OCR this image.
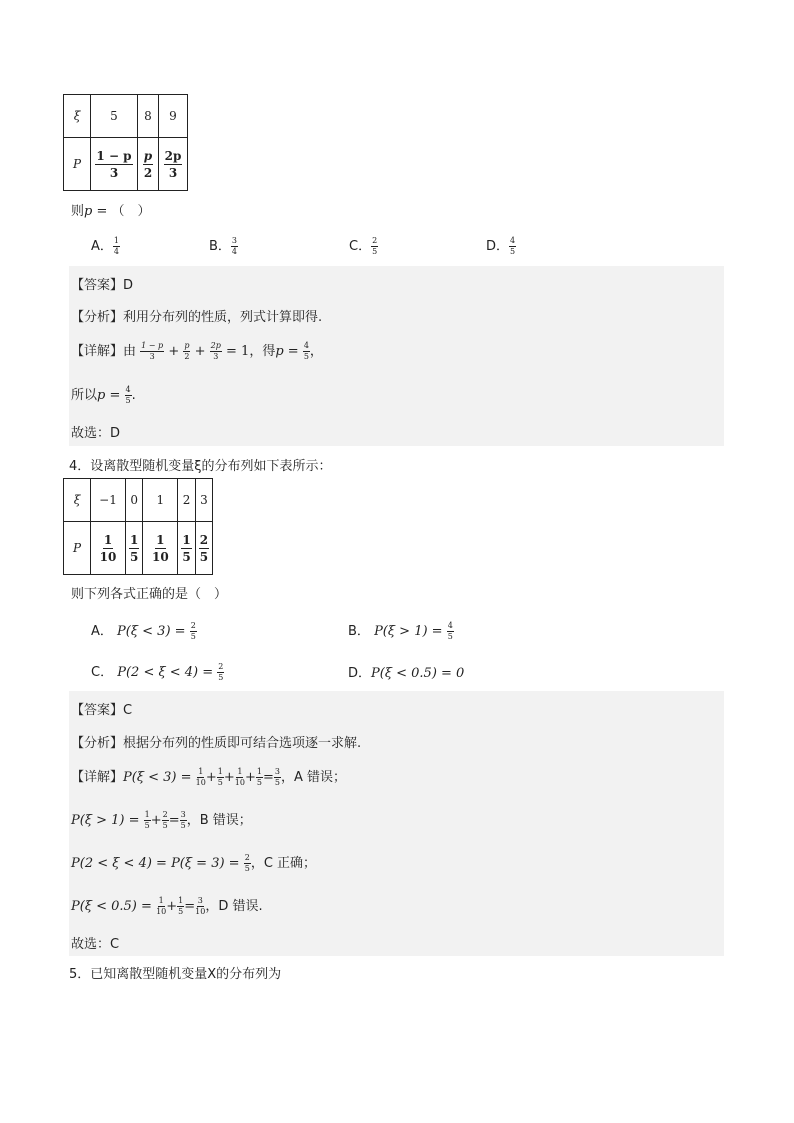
ξ	5	8	9
P	$\frac{1 - p}{3}$	$\frac{p}{2}$	$\frac{2p}{3}$
则p = （　）
A． $\frac{1}{4}$	B． $\frac{3}{4}$	C． $\frac{2}{5}$	D． $\frac{4}{5}$
【答案】D
【分析】利用分布列的性质，列式计算即得.
【详解】由 $\frac{1 - p}{3} + \frac{p}{2} + \frac{2p}{3} = 1$，得$p = \frac{4}{5}$ ，
所以$p = \frac{4}{5}$ .
故选：D
4．设离散型随机变量ξ的分布列如下表所示：
ξ	−1	0	1	2	3
P	$\frac{1}{10}$	$\frac{1}{5}$	$\frac{1}{10}$	$\frac{1}{5}$	$\frac{2}{5}$
则下列各式正确的是（　）
A． $P(\xi < 3) = \frac{2}{5}$	B． $P(\xi > 1) = \frac{4}{5}$
C． $P(2 < \xi < 4) = \frac{2}{5}$	D．P(ξ < 0.5) = 0
【答案】C
【分析】根据分布列的性质即可结合选项逐一求解.
【详解】$P(\xi < 3) = \frac{1}{10} + \frac{1}{5} + \frac{1}{10} + \frac{1}{5} = \frac{3}{5}$ ，A 错误；
$P(\xi > 1) = \frac{1}{5} + \frac{2}{5} = \frac{3}{5}$ ，B 错误；
$P(2 < \xi < 4) = P(\xi = 3) = \frac{2}{5}$ ，C 正确；
$P(\xi < 0.5) = \frac{1}{10} + \frac{1}{5} = \frac{3}{10}$ ，D 错误.
故选：C
5．已知离散型随机变量X的分布列为
